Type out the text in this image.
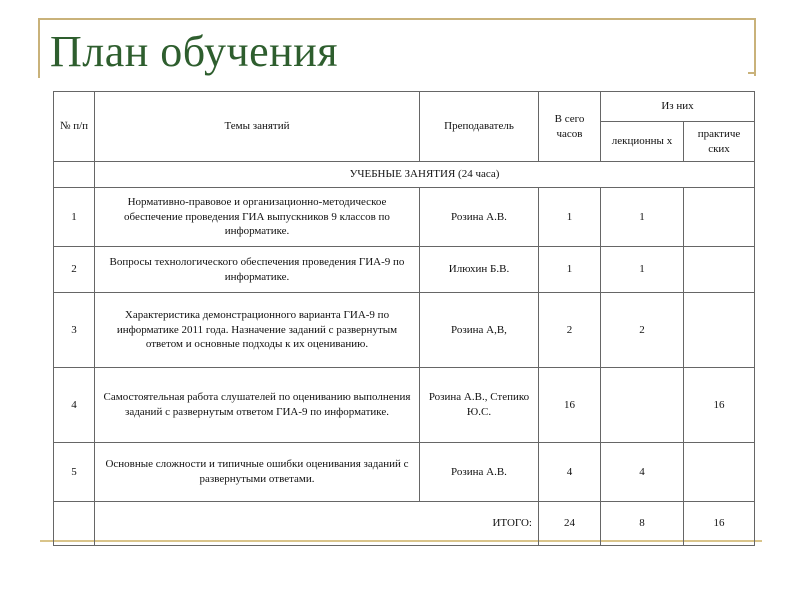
План обучения
№ п/п	Темы занятий	Преподаватель	В сего часов	Из них	
				лекционны х	практиче ских
	УЧЕБНЫЕ ЗАНЯТИЯ (24 часа)				
1	Нормативно-правовое и организационно-методическое обеспечение проведения ГИА выпускников 9 классов по информатике.	Розина А.В.	1	1	
2	Вопросы технологического обеспечения проведения ГИА-9 по информатике.	Илюхин Б.В.	1	1	
3	Характеристика демонстрационного варианта ГИА-9 по информатике 2011 года. Назначение заданий с развернутым ответом и основные подходы к их оцениванию.	Розина А,В,	2	2	
4	Самостоятельная работа слушателей по оцениванию выполнения заданий с развернутым ответом ГИА-9 по информатике.	Розина А.В., Степико Ю.С.	16		16
5	Основные сложности и типичные ошибки оценивания заданий с развернутыми ответами.	Розина А.В.	4	4	
	ИТОГО:		24	8	16
